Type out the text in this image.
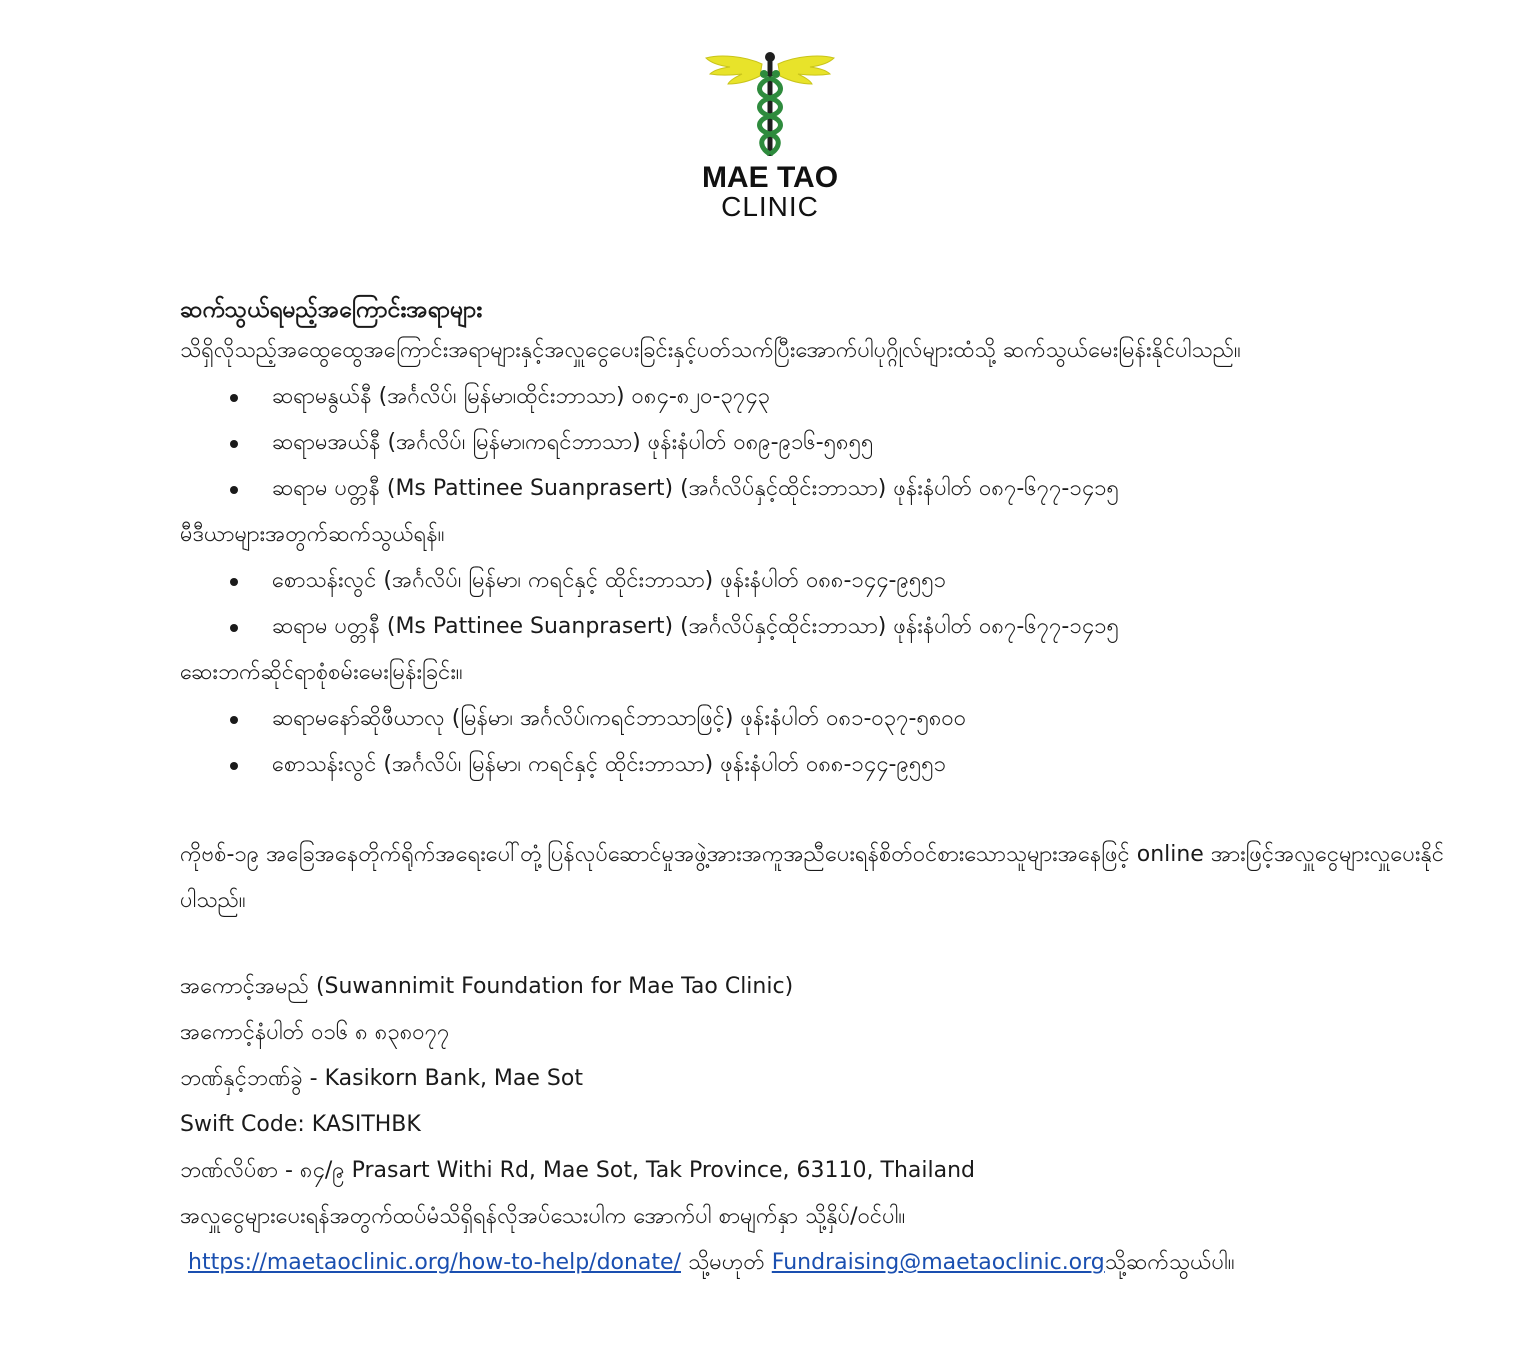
MAE TAO
CLINIC

ဆက်သွယ်ရမည့်အကြောင်းအရာများ

သိရှိလိုသည့်အထွေထွေအကြောင်းအရာများနှင့်အလှူငွေပေးခြင်းနှင့်ပတ်သက်ပြီးအောက်ပါပုဂ္ဂိုလ်များထံသို့ ဆက်သွယ်မေးမြန်းနိုင်ပါသည်။

ဆရာမနွယ်နီ (အင်္ဂလိပ်၊ မြန်မာ၊ထိုင်းဘာသာ) ၀၈၄-၈၂၀-၃၇၄၃
ဆရာမအယ်နီ (အင်္ဂလိပ်၊ မြန်မာ၊ကရင်ဘာသာ) ဖုန်းနံပါတ် ၀၈၉-၉၁၆-၅၈၅၅
ဆရာမ ပတ္တနီ (Ms Pattinee Suanprasert) (အင်္ဂလိပ်နှင့်ထိုင်းဘာသာ) ဖုန်းနံပါတ် ၀၈၇-၆၇၇-၁၄၁၅

မီဒီယာများအတွက်ဆက်သွယ်ရန်။

စောသန်းလွင် (အင်္ဂလိပ်၊ မြန်မာ၊ ကရင်နှင့် ထိုင်းဘာသာ) ဖုန်းနံပါတ် ၀၈၈-၁၄၄-၉၅၅၁
ဆရာမ ပတ္တနီ (Ms Pattinee Suanprasert) (အင်္ဂလိပ်နှင့်ထိုင်းဘာသာ) ဖုန်းနံပါတ် ၀၈၇-၆၇၇-၁၄၁၅

ဆေးဘက်ဆိုင်ရာစုံစမ်းမေးမြန်းခြင်း။

ဆရာမနော်ဆိုဖီယာလု (မြန်မာ၊ အင်္ဂလိပ်၊ကရင်ဘာသာဖြင့်) ဖုန်းနံပါတ် ၀၈၁-၀၃၇-၅၈၀၀
စောသန်းလွင် (အင်္ဂလိပ်၊ မြန်မာ၊ ကရင်နှင့် ထိုင်းဘာသာ) ဖုန်းနံပါတ် ၀၈၈-၁၄၄-၉၅၅၁

ကိုဗစ်-၁၉ အခြေအနေတိုက်ရိုက်အရေးပေါ်တုံ့ပြန်လုပ်ဆောင်မှုအဖွဲ့အားအကူအညီပေးရန်စိတ်ဝင်စားသောသူများအနေဖြင့် online အားဖြင့်အလှူငွေများလှူပေးနိုင်ပါသည်။

အကောင့်အမည် (Suwannimit Foundation for Mae Tao Clinic)

အကောင့်နံပါတ် ၀၁၆ ၈ ၈၃၈၀၇၇

ဘဏ်နှင့်ဘဏ်ခွဲ - Kasikorn Bank, Mae Sot

Swift Code: KASITHBK

ဘဏ်လိပ်စာ - ၈၄/၉ Prasart Withi Rd, Mae Sot, Tak Province, 63110, Thailand

အလှူငွေများပေးရန်အတွက်ထပ်မံသိရှိရန်လိုအပ်သေးပါက အောက်ပါ စာမျက်နှာ သို့နှိပ်/ဝင်ပါ။

https://maetaoclinic.org/how-to-help/donate/ သို့မဟုတ် Fundraising@maetaoclinic.orgသို့ဆက်သွယ်ပါ။
